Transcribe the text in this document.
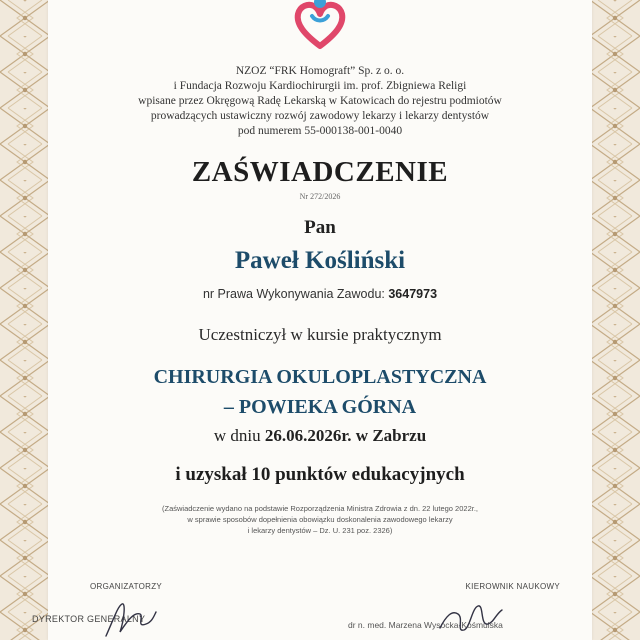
NZOZ “FRK Homograft” Sp. z o. o.
i Fundacja Rozwoju Kardiochirurgii im. prof. Zbigniewa Religi
wpisane przez Okręgową Radę Lekarską w Katowicach do rejestru podmiotów
prowadzących ustawiczny rozwój zawodowy lekarzy i lekarzy dentystów
pod numerem 55-000138-001-0040
ZAŚWIADCZENIE
Nr 272/2026
Pan
Paweł Kośliński
nr Prawa Wykonywania Zawodu: 3647973
Uczestniczył w kursie praktycznym
CHIRURGIA OKULOPLASTYCZNA
– POWIEKA GÓRNA
w dniu 26.06.2026r. w Zabrzu
i uzyskał 10 punktów edukacyjnych
(Zaświadczenie wydano na podstawie Rozporządzenia Ministra Zdrowia z dn. 22 lutego 2022r.,
w sprawie sposobów dopełnienia obowiązku doskonalenia zawodowego lekarzy
i lekarzy dentystów – Dz. U. 231 poz. 2326)
ORGANIZATORZY	KIEROWNIK NAUKOWY
DYREKTOR GENERALNY
dr n. med. Marzena Wysocka-Kośmulska
